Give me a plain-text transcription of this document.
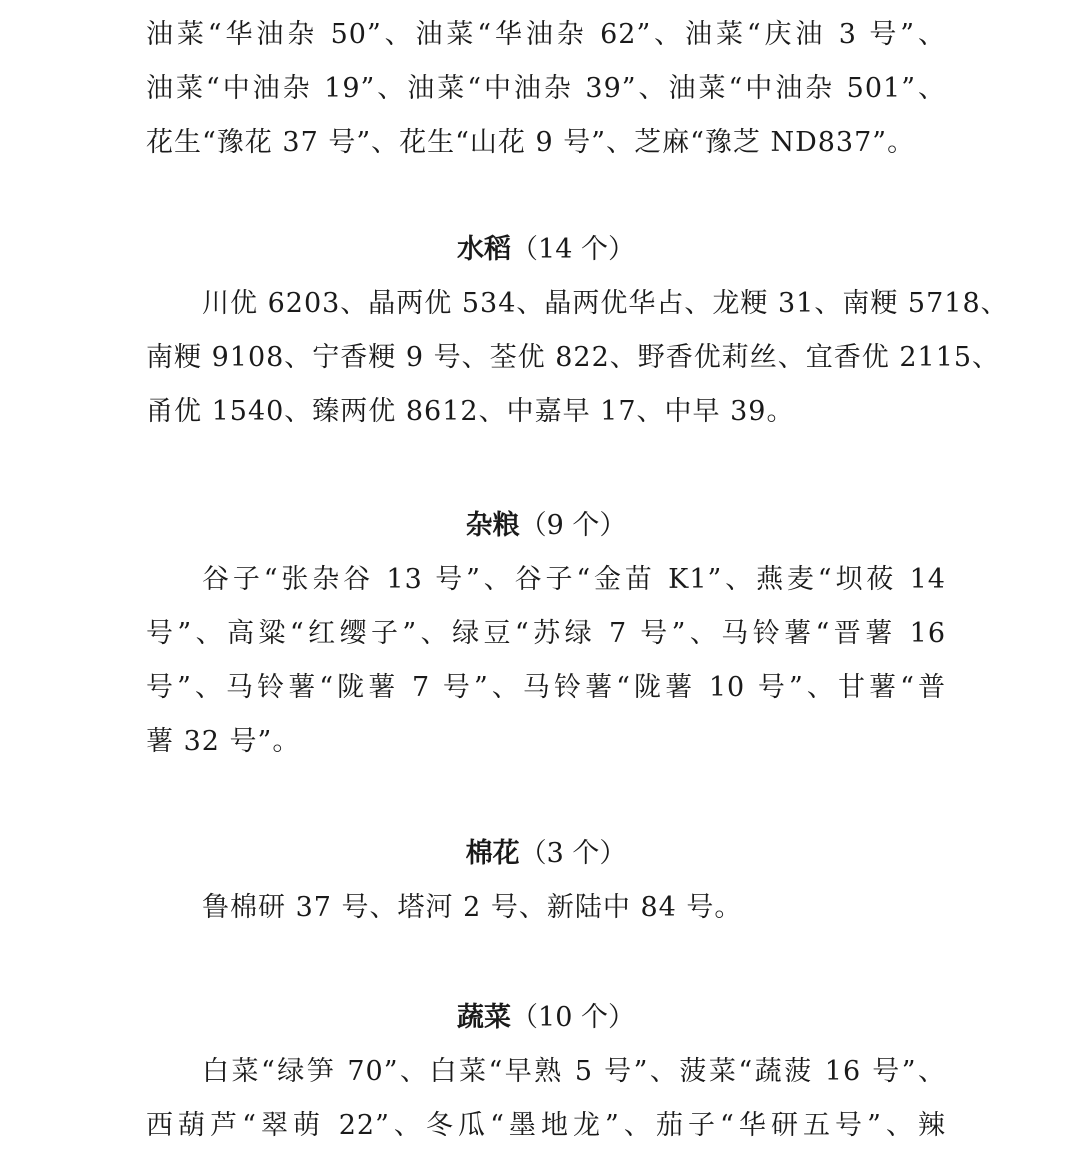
油菜“华油杂 50”、油菜“华油杂 62”、油菜“庆油 3 号”、
油菜“中油杂 19”、油菜“中油杂 39”、油菜“中油杂 501”、
花生“豫花 37 号”、花生“山花 9 号”、芝麻“豫芝 ND837”。
水稻（14 个）
川优 6203、晶两优 534、晶两优华占、龙粳 31、南粳 5718、
南粳 9108、宁香粳 9 号、荃优 822、野香优莉丝、宜香优 2115、
甬优 1540、臻两优 8612、中嘉早 17、中早 39。
杂粮（9 个）
谷子“张杂谷 13 号”、谷子“金苗 K1”、燕麦“坝莜 14
号”、高粱“红缨子”、绿豆“苏绿 7 号”、马铃薯“晋薯 16
号”、马铃薯“陇薯 7 号”、马铃薯“陇薯 10 号”、甘薯“普
薯 32 号”。
棉花（3 个）
鲁棉研 37 号、塔河 2 号、新陆中 84 号。
蔬菜（10 个）
白菜“绿笋 70”、白菜“早熟 5 号”、菠菜“蔬菠 16 号”、
西葫芦“翠萌 22”、冬瓜“墨地龙”、茄子“华研五号”、辣
